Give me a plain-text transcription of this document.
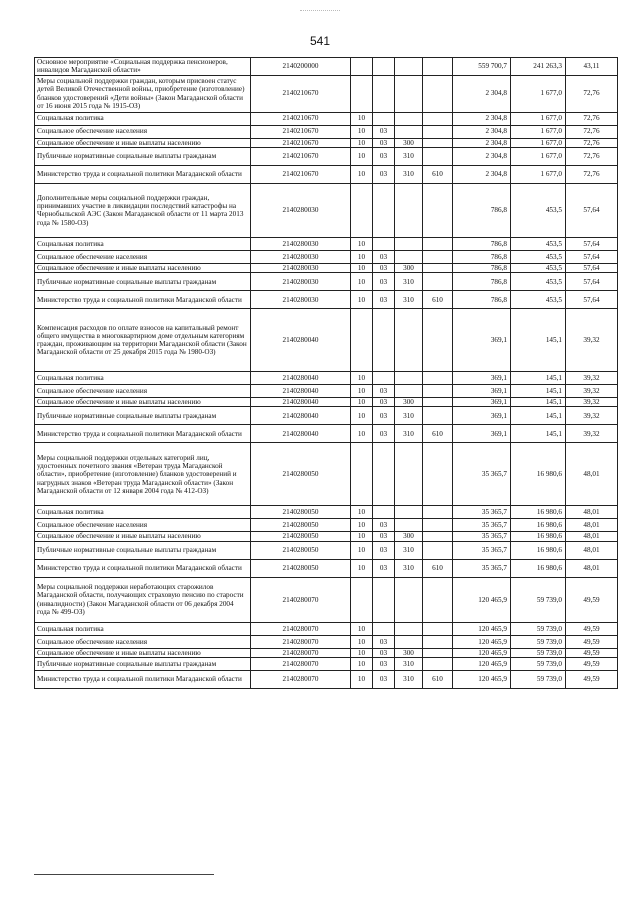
541
Основное мероприятие «Социальная поддержка пенсионеров, инвалидов Магаданской области»	2140200000					559 700,7	241 263,3	43,11
Меры социальной поддержки граждан, которым присвоен статус детей Великой Отечественной войны, приобретение (изготовление) бланков удостоверений «Дети войны» (Закон Магаданской области от 16 июня 2015 года № 1915-ОЗ)	2140210670					2 304,8	1 677,0	72,76
Социальная политика	2140210670	10				2 304,8	1 677,0	72,76
Социальное обеспечение населения	2140210670	10	03			2 304,8	1 677,0	72,76
Социальное обеспечение и иные выплаты населению	2140210670	10	03	300		2 304,8	1 677,0	72,76
Публичные нормативные социальные выплаты гражданам	2140210670	10	03	310		2 304,8	1 677,0	72,76
Министерство труда и социальной политики Магаданской области	2140210670	10	03	310	610	2 304,8	1 677,0	72,76
Дополнительные меры социальной поддержки граждан, принимавших участие в ликвидации последствий катастрофы на Чернобыльской АЭС (Закон Магаданской области от 11 марта 2013 года № 1580-ОЗ)	2140280030					786,8	453,5	57,64
Социальная политика	2140280030	10				786,8	453,5	57,64
Социальное обеспечение населения	2140280030	10	03			786,8	453,5	57,64
Социальное обеспечение и иные выплаты населению	2140280030	10	03	300		786,8	453,5	57,64
Публичные нормативные социальные выплаты гражданам	2140280030	10	03	310		786,8	453,5	57,64
Министерство труда и социальной политики Магаданской области	2140280030	10	03	310	610	786,8	453,5	57,64
Компенсация расходов по оплате взносов на капитальный ремонт общего имущества в многоквартирном доме отдельным категориям граждан, проживающим на территории Магаданской области (Закон Магаданской области от 25 декабря 2015 года № 1980-ОЗ)	2140280040					369,1	145,1	39,32
Социальная политика	2140280040	10				369,1	145,1	39,32
Социальное обеспечение населения	2140280040	10	03			369,1	145,1	39,32
Социальное обеспечение и иные выплаты населению	2140280040	10	03	300		369,1	145,1	39,32
Публичные нормативные социальные выплаты гражданам	2140280040	10	03	310		369,1	145,1	39,32
Министерство труда и социальной политики Магаданской области	2140280040	10	03	310	610	369,1	145,1	39,32
Меры социальной поддержки отдельных категорий лиц, удостоенных почетного звания «Ветеран труда Магаданской области», приобретение (изготовление) бланков удостоверений и нагрудных знаков «Ветеран труда Магаданской области» (Закон Магаданской области от 12 января 2004 года № 412-ОЗ)	2140280050					35 365,7	16 980,6	48,01
Социальная политика	2140280050	10				35 365,7	16 980,6	48,01
Социальное обеспечение населения	2140280050	10	03			35 365,7	16 980,6	48,01
Социальное обеспечение и иные выплаты населению	2140280050	10	03	300		35 365,7	16 980,6	48,01
Публичные нормативные социальные выплаты гражданам	2140280050	10	03	310		35 365,7	16 980,6	48,01
Министерство труда и социальной политики Магаданской области	2140280050	10	03	310	610	35 365,7	16 980,6	48,01
Меры социальной поддержки неработающих старожилов Магаданской области, получающих страховую пенсию по старости (инвалидности) (Закон Магаданской области от 06 декабря 2004 года № 499-ОЗ)	2140280070					120 465,9	59 739,0	49,59
Социальная политика	2140280070	10				120 465,9	59 739,0	49,59
Социальное обеспечение населения	2140280070	10	03			120 465,9	59 739,0	49,59
Социальное обеспечение и иные выплаты населению	2140280070	10	03	300		120 465,9	59 739,0	49,59
Публичные нормативные социальные выплаты гражданам	2140280070	10	03	310		120 465,9	59 739,0	49,59
Министерство труда и социальной политики Магаданской области	2140280070	10	03	310	610	120 465,9	59 739,0	49,59
